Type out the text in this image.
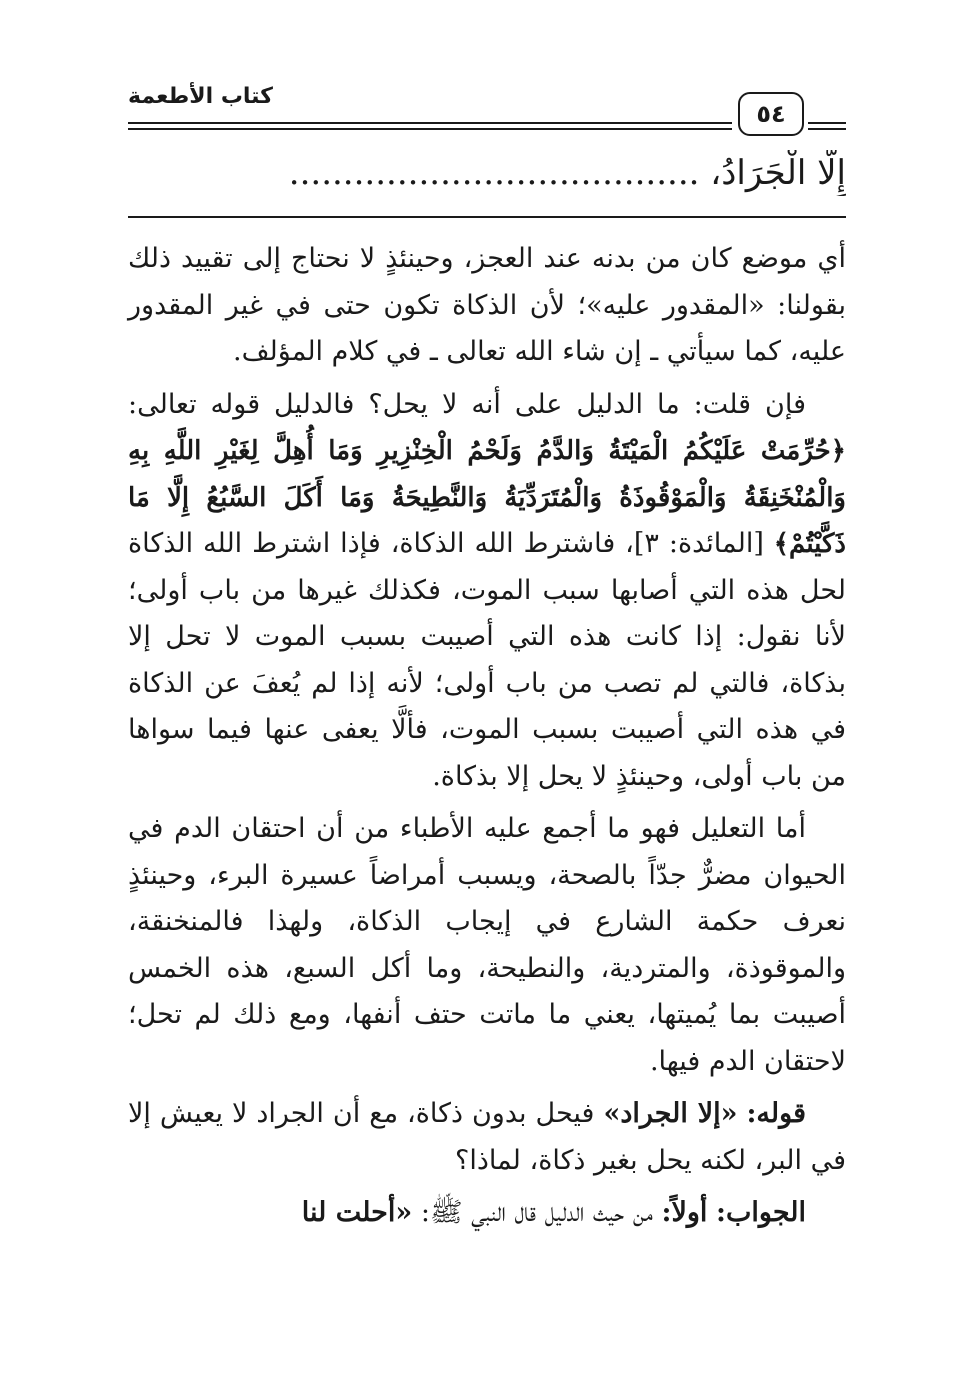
كتاب الأطعمة
٥٤
إِلَّا الْجَرَادُ، ......................................

أي موضع كان من بدنه عند العجز، وحينئذٍ لا نحتاج إلى تقييد ذلك بقولنا: «المقدور عليه»؛ لأن الذكاة تكون حتى في غير المقدور عليه، كما سيأتي ـ إن شاء الله تعالى ـ في كلام المؤلف.

فإن قلت: ما الدليل على أنه لا يحل؟ فالدليل قوله تعالى: ﴿حُرِّمَتْ عَلَيْكُمُ الْمَيْتَةُ وَالدَّمُ وَلَحْمُ الْخِنْزِيرِ وَمَا أُهِلَّ لِغَيْرِ اللَّهِ بِهِ وَالْمُنْخَنِقَةُ وَالْمَوْقُوذَةُ وَالْمُتَرَدِّيَةُ وَالنَّطِيحَةُ وَمَا أَكَلَ السَّبُعُ إِلَّا مَا ذَكَّيْتُمْ﴾ [المائدة: ٣]، فاشترط الله الذكاة، فإذا اشترط الله الذكاة لحل هذه التي أصابها سبب الموت، فكذلك غيرها من باب أولى؛ لأنا نقول: إذا كانت هذه التي أصيبت بسبب الموت لا تحل إلا بذكاة، فالتي لم تصب من باب أولى؛ لأنه إذا لم يُعفَ عن الذكاة في هذه التي أصيبت بسبب الموت، فألَّا يعفى عنها فيما سواها من باب أولى، وحينئذٍ لا يحل إلا بذكاة.

أما التعليل فهو ما أجمع عليه الأطباء من أن احتقان الدم في الحيوان مضرٌّ جدّاً بالصحة، ويسبب أمراضاً عسيرة البرء، وحينئذٍ نعرف حكمة الشارع في إيجاب الذكاة، ولهذا فالمنخنقة، والموقوذة، والمتردية، والنطيحة، وما أكل السبع، هذه الخمس أصيبت بما يُميتها، يعني ما ماتت حتف أنفها، ومع ذلك لم تحل؛ لاحتقان الدم فيها.

قوله: «إلا الجراد» فيحل بدون ذكاة، مع أن الجراد لا يعيش إلا في البر، لكنه يحل بغير ذكاة، لماذا؟

الجواب: أولاً: من حيث الدليل قال النبي ﷺ: «أحلت لنا
